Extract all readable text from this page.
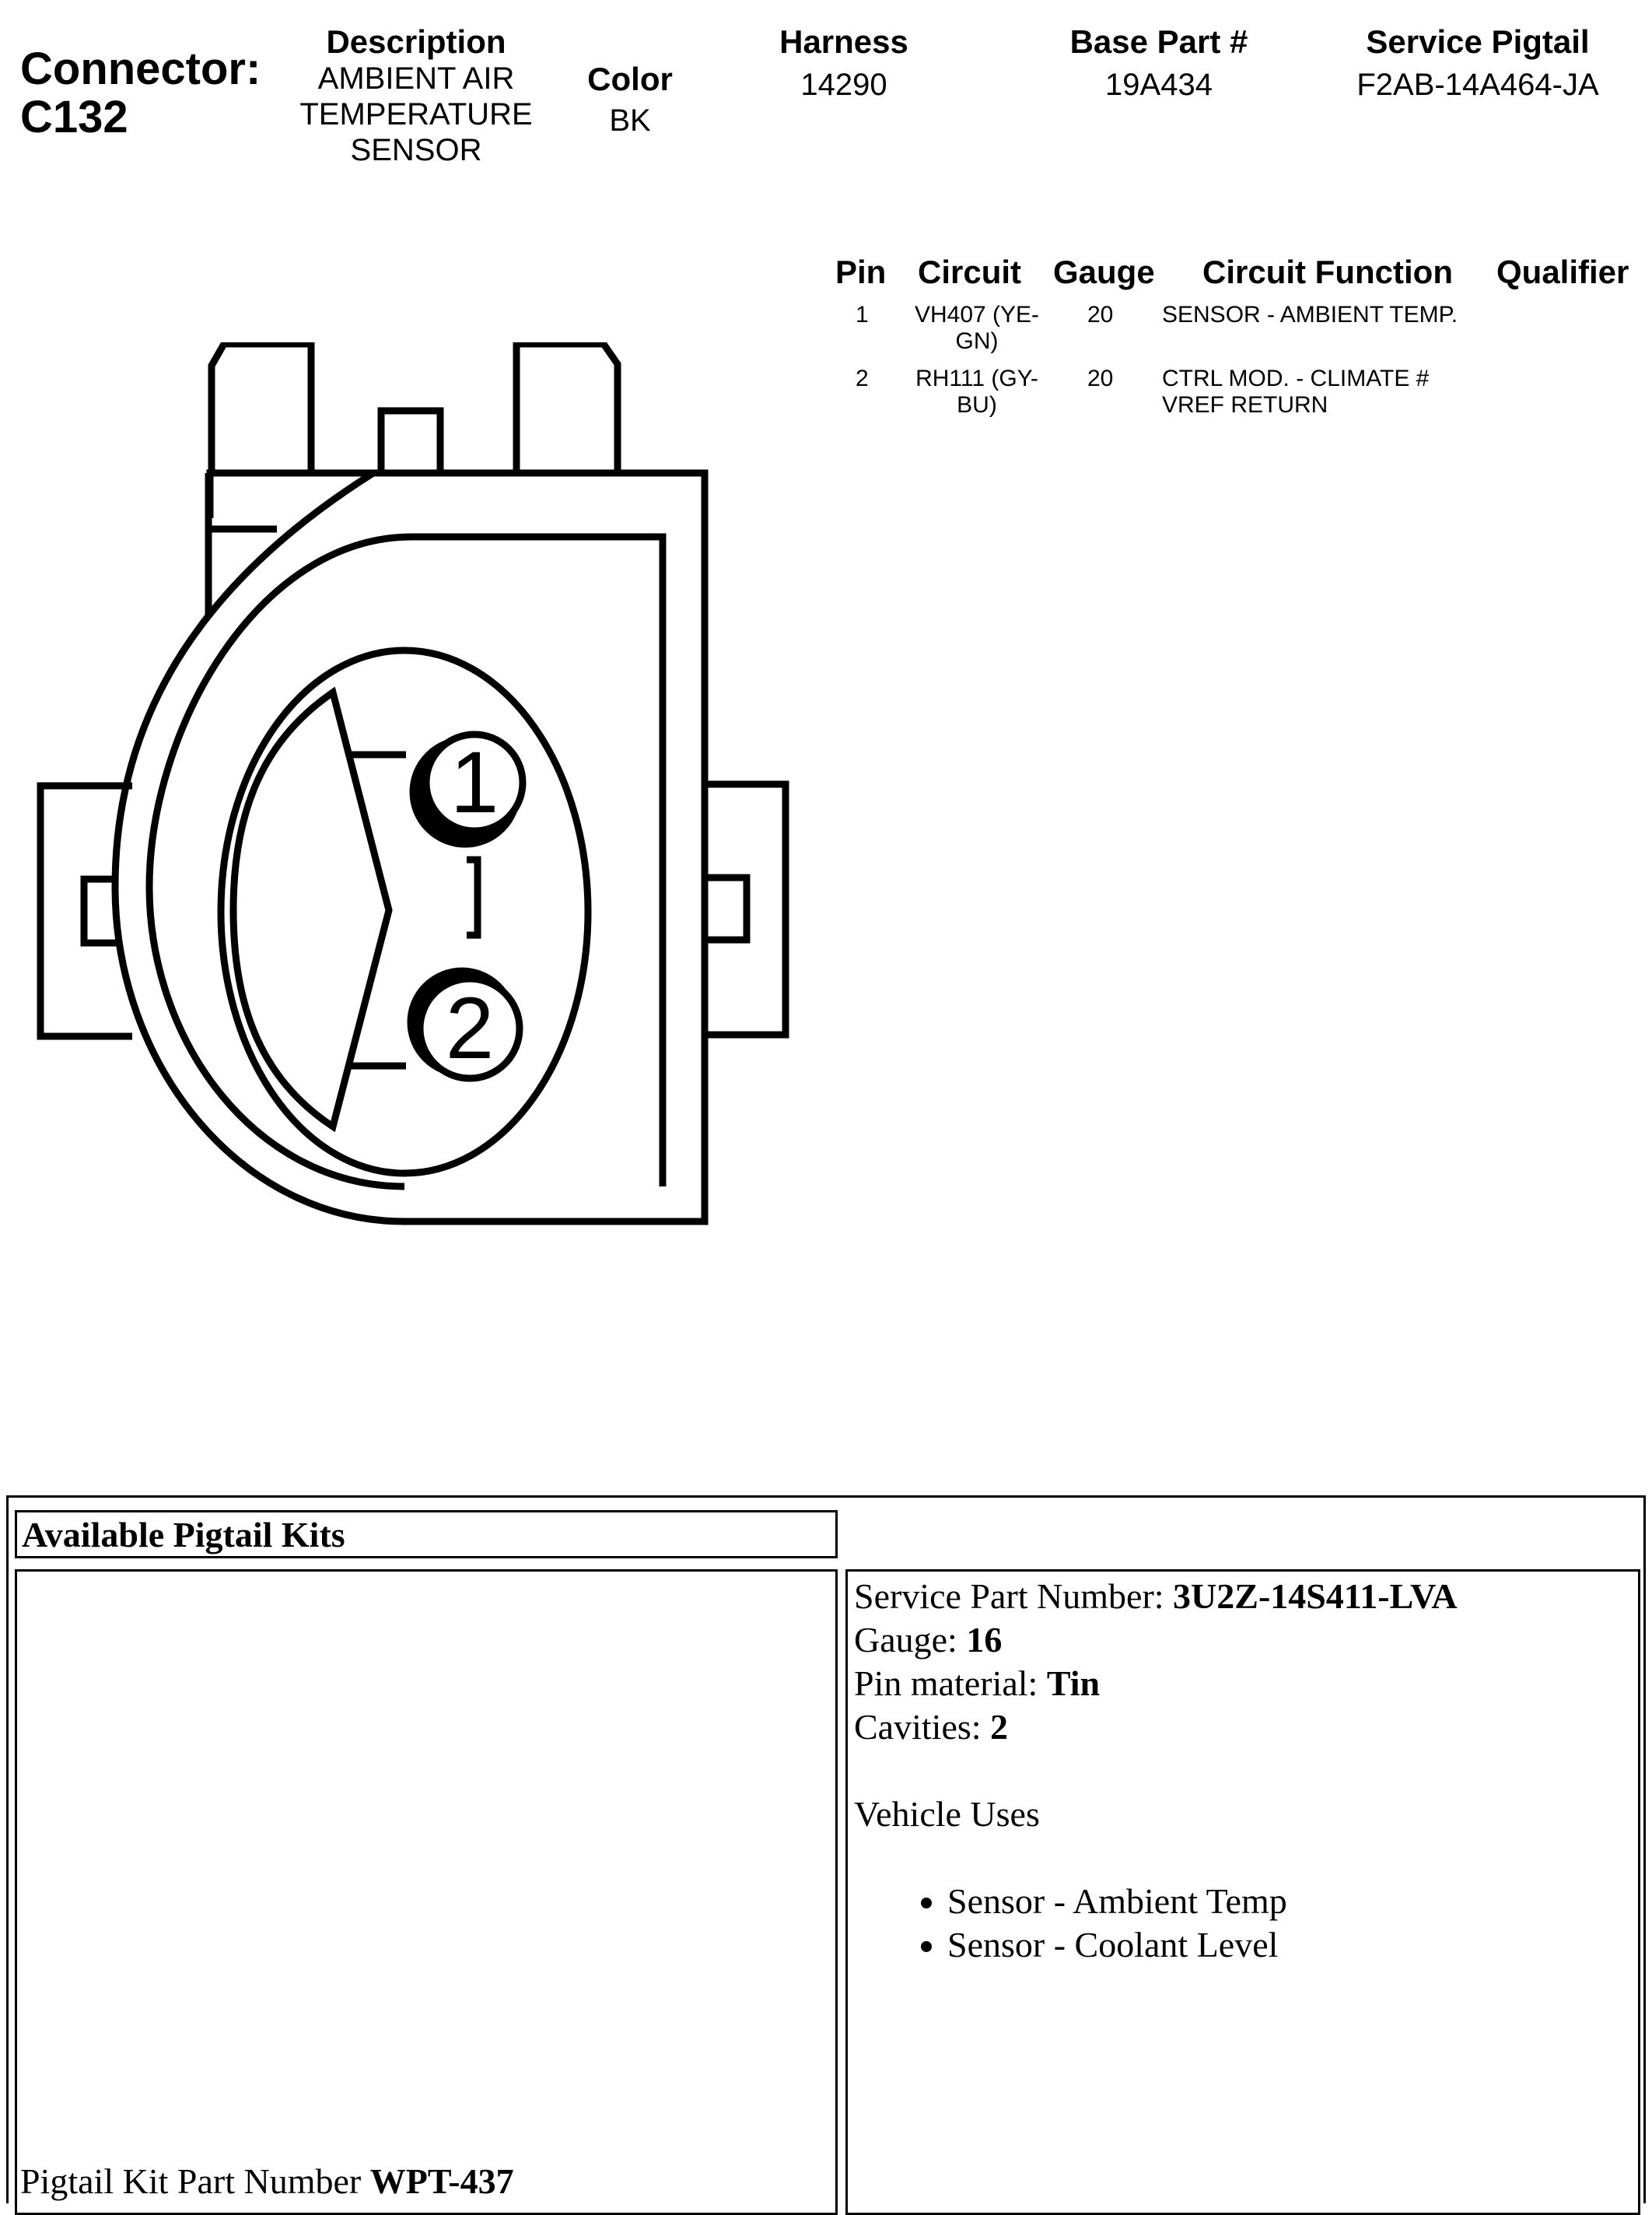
Connector:
C132
Description
AMBIENT AIR TEMPERATURE SENSOR
Color
BK
Harness
14290
Base Part #
19A434
Service Pigtail
F2AB-14A464-JA
Pin Circuit Gauge Circuit Function Qualifier
1	VH407 (YE-GN)
20 SENSOR - AMBIENT TEMP.
2	RH111 (GY-BU)
20 CTRL MOD. - CLIMATE # VREF RETURN
1
2
Available Pigtail Kits
Pigtail Kit Part Number WPT-437
Service Part Number: 3U2Z-14S411-LVA
Gauge: 16
Pin material: Tin
Cavities: 2
Vehicle Uses
• Sensor - Ambient Temp
• Sensor - Coolant Level
